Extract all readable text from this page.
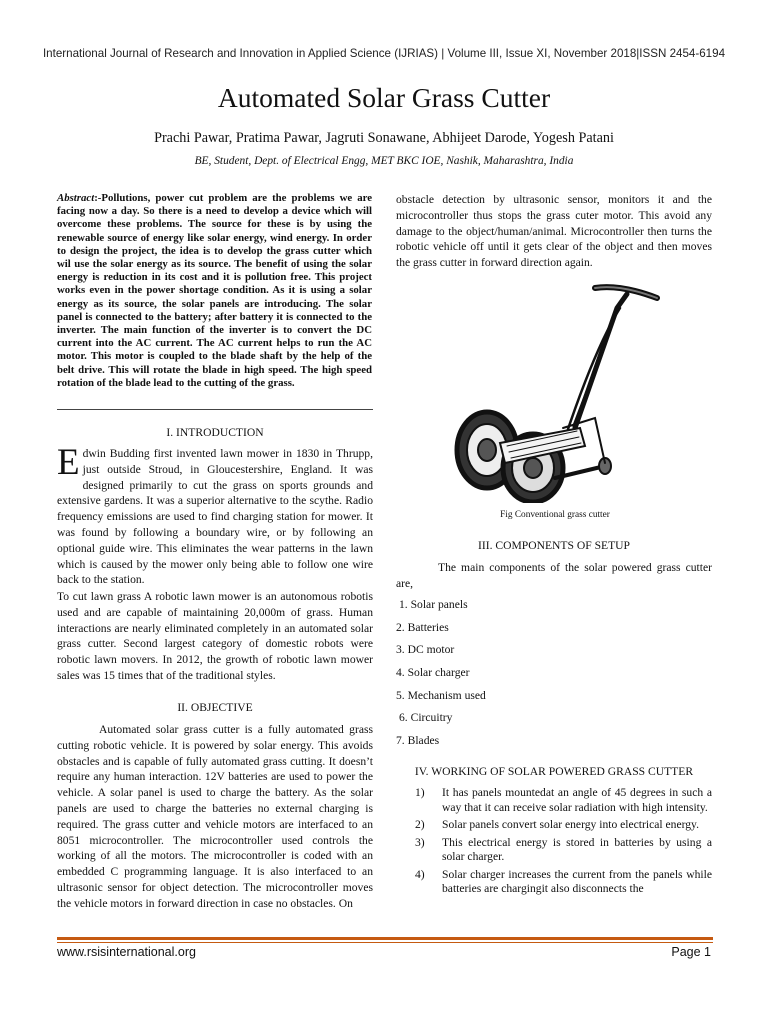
International Journal of Research and Innovation in Applied Science (IJRIAS) | Volume III, Issue XI, November 2018|ISSN 2454-6194
Automated Solar Grass Cutter
Prachi Pawar, Pratima Pawar, Jagruti Sonawane, Abhijeet Darode, Yogesh Patani
BE, Student, Dept. of Electrical Engg, MET BKC IOE, Nashik, Maharashtra, India
Abstract:-Pollutions, power cut problem are the problems we are facing now a day. So there is a need to develop a device which will overcome these problems. The source for these is by using the renewable source of energy like solar energy, wind energy. In order to design the project, the idea is to develop the grass cutter which wil use the solar energy as its source. The benefit of using the solar energy is reduction in its cost and it is pollution free. This project works even in the power shortage condition. As it is using a solar energy as its source, the solar panels are introducing. The solar panel is connected to the battery; after battery it is connected to the inverter. The main function of the inverter is to convert the DC current into the AC current. The AC current helps to run the AC motor. This motor is coupled to the blade shaft by the help of the belt drive. This will rotate the blade in high speed. The high speed rotation of the blade lead to the cutting of the grass.
I. INTRODUCTION

Edwin Budding first invented lawn mower in 1830 in Thrupp, just outside Stroud, in Gloucestershire, England. It was designed primarily to cut the grass on sports grounds and extensive gardens. It was a superior alternative to the scythe. Radio frequency emissions are used to find charging station for mower. It was found by following a boundary wire, or by following an optional guide wire. This eliminates the wear patterns in the lawn which is caused by the mower only being able to follow one wire back to the station.

To cut lawn grass A robotic lawn mower is an autonomous robotis used and are capable of maintaining 20,000m of grass. Human interactions are nearly eliminated completely in an automated solar grass cutter. Second largest category of domestic robots were robotic lawn movers. In 2012, the growth of robotic lawn mower sales was 15 times that of the traditional styles.

II. OBJECTIVE

Automated solar grass cutter is a fully automated grass cutting robotic vehicle. It is powered by solar energy. This avoids obstacles and is capable of fully automated grass cutting. It doesn’t require any human interaction. 12V batteries are used to power the vehicle. A solar panel is used to charge the battery. As the solar panels are used to charge the batteries no external charging is required. The grass cutter and vehicle motors are interfaced to an 8051 microcontroller. The microcontroller used controls the working of all the motors. The microcontroller is coded with an embedded C programming language. It is also interfaced to an ultrasonic sensor for object detection. The microcontroller moves the vehicle motors in forward direction in case no obstacles. On

obstacle detection by ultrasonic sensor, monitors it and the microcontroller thus stops the grass cuter motor. This avoid any damage to the object/human/animal. Microcontroller then turns the robotic vehicle off until it gets clear of the object and then moves the grass cutter in forward direction again.

Fig Conventional grass cutter
III. COMPONENTS OF SETUP

The main components of the solar powered grass cutter are,

1. Solar panels
2. Batteries
3. DC motor
4. Solar charger
5. Mechanism used
6. Circuitry
7. Blades
IV. WORKING OF SOLAR POWERED GRASS CUTTER
1) It has panels mountedat an angle of 45 degrees in such a way that it can receive solar radiation with high intensity.
2) Solar panels convert solar energy into electrical energy.
3) This electrical energy is stored in batteries by using a solar charger.
4) Solar charger increases the current from the panels while batteries are chargingit also disconnects the
www.rsisinternational.org	Page 1
